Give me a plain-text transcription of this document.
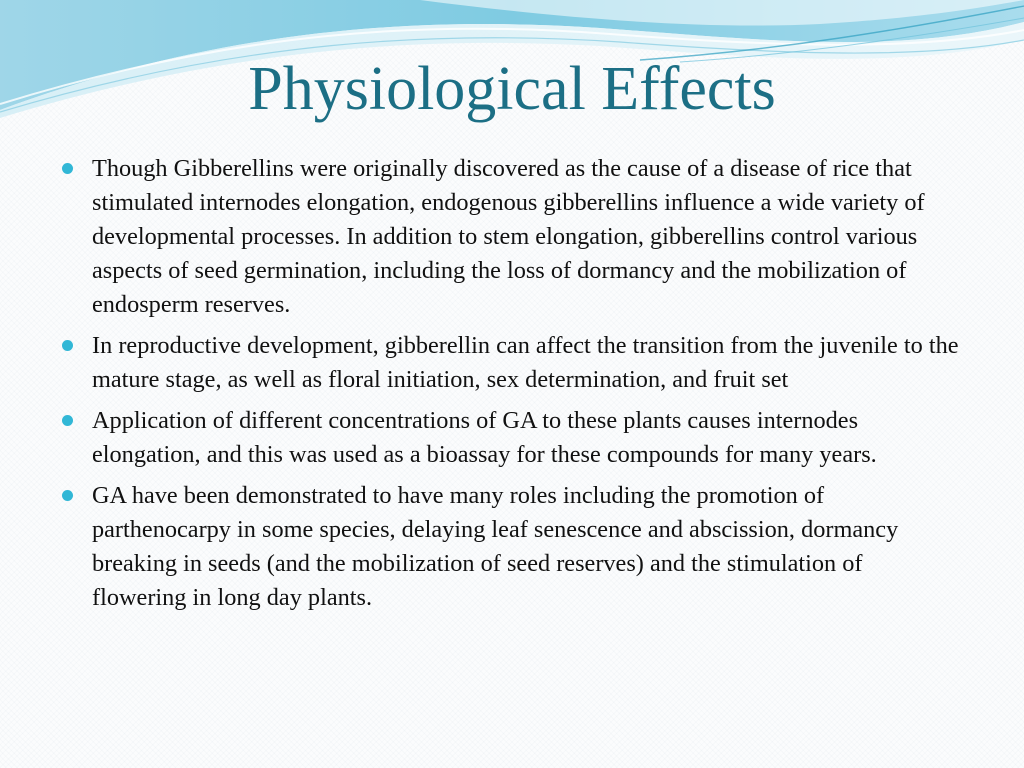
Physiological Effects
Though Gibberellins were originally discovered as the cause of a disease of rice that stimulated internodes elongation, endogenous gibberellins influence a wide variety of developmental processes. In addition to stem elongation, gibberellins control various aspects of seed germination, including the loss of dormancy and the mobilization of endosperm reserves.
In reproductive development, gibberellin can affect the transition from the juvenile to the mature stage, as well as floral initiation, sex determination, and fruit set
Application of different concentrations of GA to these plants causes internodes elongation, and this was used as a bioassay for these compounds for many years.
GA have been demonstrated to have many roles including the promotion of parthenocarpy in some species, delaying leaf senescence and abscission, dormancy breaking in seeds (and the mobilization of seed reserves) and the stimulation of flowering in long day plants.
